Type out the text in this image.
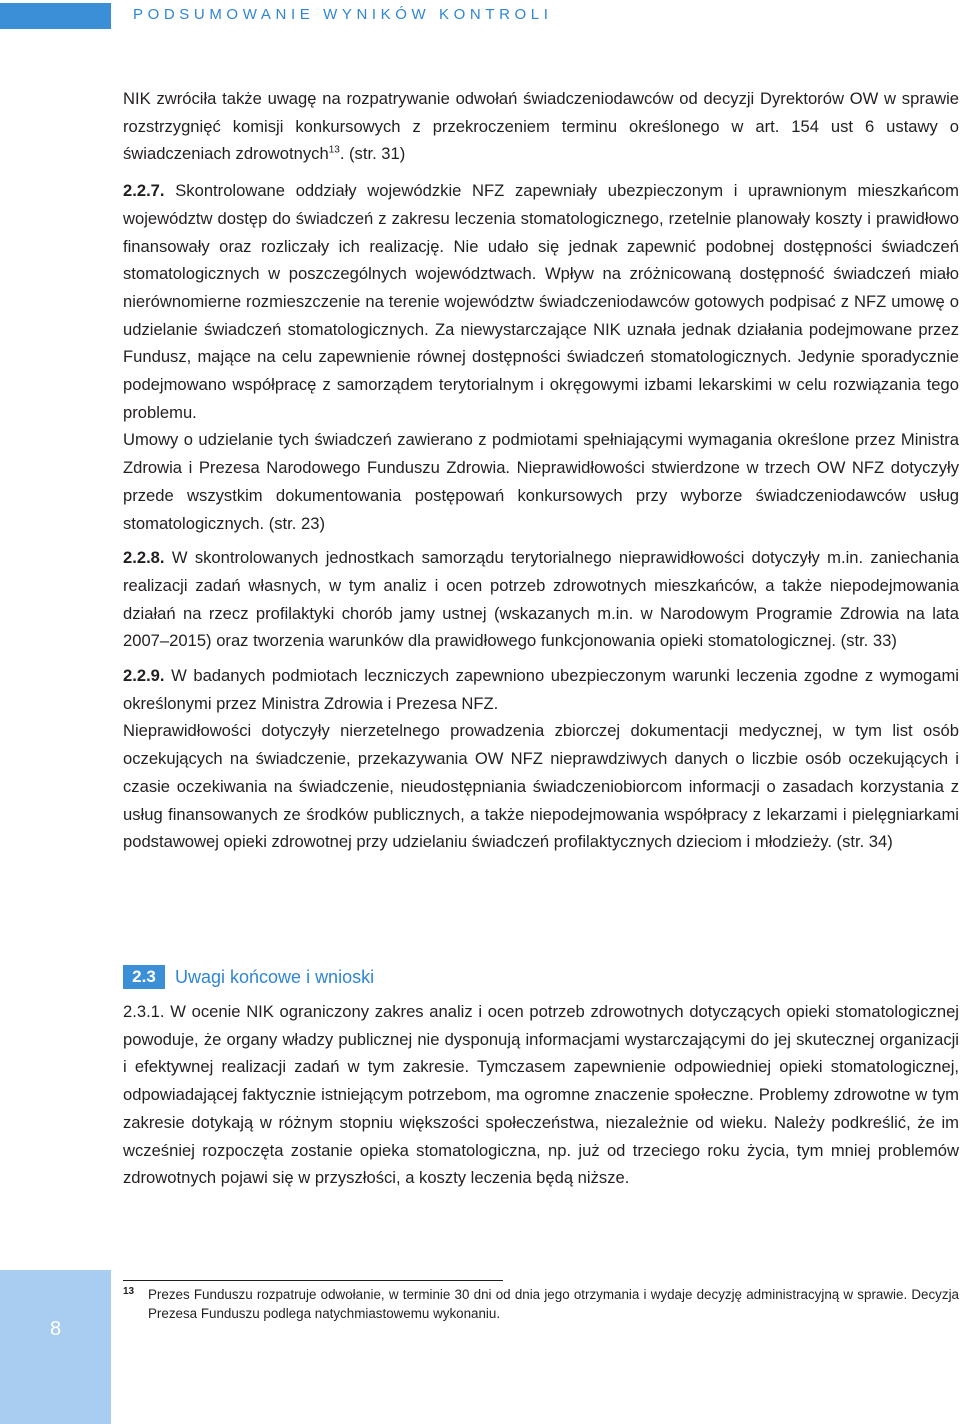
PODSUMOWANIE WYNIKÓW KONTROLI

NIK zwróciła także uwagę na rozpatrywanie odwołań świadczeniodawców od decyzji Dyrektorów OW w sprawie rozstrzygnięć komisji konkursowych z przekroczeniem terminu określonego w art. 154 ust 6 ustawy o świadczeniach zdrowotnych$^{13}$. (str. 31)

2.2.7. Skontrolowane oddziały wojewódzkie NFZ zapewniały ubezpieczonym i uprawnionym mieszkańcom województw dostęp do świadczeń z zakresu leczenia stomatologicznego, rzetelnie planowały koszty i prawidłowo finansowały oraz rozliczały ich realizację. Nie udało się jednak zapewnić podobnej dostępności świadczeń stomatologicznych w poszczególnych województwach. Wpływ na zróżnicowaną dostępność świadczeń miało nierównomierne rozmieszczenie na terenie województw świadczeniodawców gotowych podpisać z NFZ umowę o udzielanie świadczeń stomatologicznych. Za niewystarczające NIK uznała jednak działania podejmowane przez Fundusz, mające na celu zapewnienie równej dostępności świadczeń stomatologicznych. Jedynie sporadycznie podejmowano współpracę z samorządem terytorialnym i okręgowymi izbami lekarskimi w celu rozwiązania tego problemu.

Umowy o udzielanie tych świadczeń zawierano z podmiotami spełniającymi wymagania określone przez Ministra Zdrowia i Prezesa Narodowego Funduszu Zdrowia. Nieprawidłowości stwierdzone w trzech OW NFZ dotyczyły przede wszystkim dokumentowania postępowań konkursowych przy wyborze świadczeniodawców usług stomatologicznych. (str. 23)

2.2.8. W skontrolowanych jednostkach samorządu terytorialnego nieprawidłowości dotyczyły m.in. zaniechania realizacji zadań własnych, w tym analiz i ocen potrzeb zdrowotnych mieszkańców, a także niepodejmowania działań na rzecz profilaktyki chorób jamy ustnej (wskazanych m.in. w Narodowym Programie Zdrowia na lata 2007–2015) oraz tworzenia warunków dla prawidłowego funkcjonowania opieki stomatologicznej. (str. 33)

2.2.9. W badanych podmiotach leczniczych zapewniono ubezpieczonym warunki leczenia zgodne z wymogami określonymi przez Ministra Zdrowia i Prezesa NFZ.

Nieprawidłowości dotyczyły nierzetelnego prowadzenia zbiorczej dokumentacji medycznej, w tym list osób oczekujących na świadczenie, przekazywania OW NFZ nieprawdziwych danych o liczbie osób oczekujących i czasie oczekiwania na świadczenie, nieudostępniania świadczeniobiorcom informacji o zasadach korzystania z usług finansowanych ze środków publicznych, a także niepodejmowania współpracy z lekarzami i pielęgniarkami podstawowej opieki zdrowotnej przy udzielaniu świadczeń profilaktycznych dzieciom i młodzieży. (str. 34)

2.3	Uwagi końcowe i wnioski

2.3.1. W ocenie NIK ograniczony zakres analiz i ocen potrzeb zdrowotnych dotyczących opieki stomatologicznej powoduje, że organy władzy publicznej nie dysponują informacjami wystarczającymi do jej skutecznej organizacji i efektywnej realizacji zadań w tym zakresie. Tymczasem zapewnienie odpowiedniej opieki stomatologicznej, odpowiadającej faktycznie istniejącym potrzebom, ma ogromne znaczenie społeczne. Problemy zdrowotne w tym zakresie dotykają w różnym stopniu większości społeczeństwa, niezależnie od wieku. Należy podkreślić, że im wcześniej rozpoczęta zostanie opieka stomatologiczna, np. już od trzeciego roku życia, tym mniej problemów zdrowotnych pojawi się w przyszłości, a koszty leczenia będą niższe.

8
13	Prezes Funduszu rozpatruje odwołanie, w terminie 30 dni od dnia jego otrzymania i wydaje decyzję administracyjną w sprawie. Decyzja Prezesa Funduszu podlega natychmiastowemu wykonaniu.
